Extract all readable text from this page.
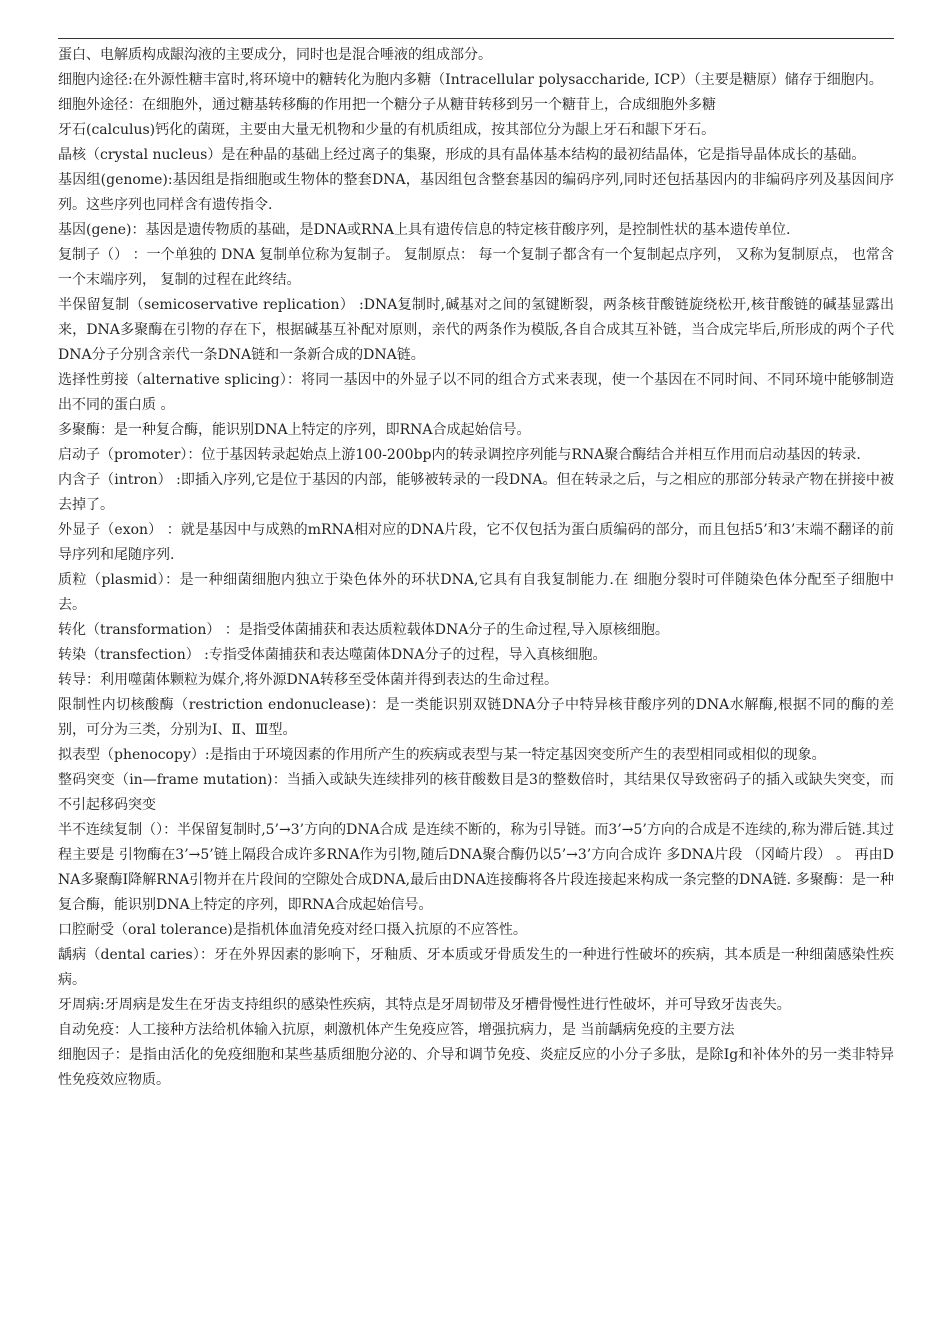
蛋白、电解质构成龈沟液的主要成分，同时也是混合唾液的组成部分。

细胞内途径:在外源性糖丰富时,将环境中的糖转化为胞内多糖（Intracellular polysaccharide, ICP）（主要是糖原）储存于细胞内。

细胞外途径：在细胞外，通过糖基转移酶的作用把一个糖分子从糖苷转移到另一个糖苷上，合成细胞外多糖

牙石(calculus)钙化的菌斑，主要由大量无机物和少量的有机质组成，按其部位分为龈上牙石和龈下牙石。

晶核（crystal nucleus）是在种晶的基础上经过离子的集聚，形成的具有晶体基本结构的最初结晶体，它是指导晶体成长的基础。

基因组(genome):基因组是指细胞或生物体的整套DNA，基因组包含整套基因的编码序列,同时还包括基因内的非编码序列及基因间序列。这些序列也同样含有遗传指令.

基因(gene)：基因是遗传物质的基础，是DNA或RNA上具有遗传信息的特定核苷酸序列，是控制性状的基本遗传单位.

复制子（） ：一个单独的 DNA 复制单位称为复制子。 复制原点： 每一个复制子都含有一个复制起点序列， 又称为复制原点， 也常含一个末端序列， 复制的过程在此终结。

半保留复制（semicoservative replication） :DNA复制时,碱基对之间的氢键断裂，两条核苷酸链旋绕松开,核苷酸链的碱基显露出来，DNA多聚酶在引物的存在下，根据碱基互补配对原则，亲代的两条作为模版,各自合成其互补链，当合成完毕后,所形成的两个子代DNA分子分别含亲代一条DNA链和一条新合成的DNA链。

选择性剪接（alternative splicing）：将同一基因中的外显子以不同的组合方式来表现，使一个基因在不同时间、不同环境中能够制造出不同的蛋白质 。

多聚酶：是一种复合酶，能识别DNA上特定的序列，即RNA合成起始信号。

启动子（promoter）：位于基因转录起始点上游100-200bp内的转录调控序列能与RNA聚合酶结合并相互作用而启动基因的转录.

内含子（intron） :即插入序列,它是位于基因的内部，能够被转录的一段DNA。但在转录之后，与之相应的那部分转录产物在拼接中被去掉了。

外显子（exon） ：就是基因中与成熟的mRNA相对应的DNA片段，它不仅包括为蛋白质编码的部分，而且包括5’和3’末端不翻译的前导序列和尾随序列.

质粒（plasmid）：是一种细菌细胞内独立于染色体外的环状DNA,它具有自我复制能力.在 细胞分裂时可伴随染色体分配至子细胞中去。

转化（transformation） ：是指受体菌捕获和表达质粒载体DNA分子的生命过程,导入原核细胞。

转染（transfection） :专指受体菌捕获和表达噬菌体DNA分子的过程，导入真核细胞。

转导：利用噬菌体颗粒为媒介,将外源DNA转移至受体菌并得到表达的生命过程。

限制性内切核酸酶（restriction endonuclease)：是一类能识别双链DNA分子中特异核苷酸序列的DNA水解酶,根据不同的酶的差别，可分为三类，分别为Ⅰ、Ⅱ、Ⅲ型。

拟表型（phenocopy）:是指由于环境因素的作用所产生的疾病或表型与某一特定基因突变所产生的表型相同或相似的现象。

整码突变（in—frame mutation)：当插入或缺失连续排列的核苷酸数目是3的整数倍时，其结果仅导致密码子的插入或缺失突变，而不引起移码突变

半不连续复制（）：半保留复制时,5’→3’方向的DNA合成 是连续不断的，称为引导链。而3’→5’方向的合成是不连续的,称为滞后链.其过程主要是 引物酶在3’→5’链上隔段合成许多RNA作为引物,随后DNA聚合酶仍以5’→3’方向合成许 多DNA片段 （冈崎片段） 。 再由DNA多聚酶Ⅰ降解RNA引物并在片段间的空隙处合成DNA,最后由DNA连接酶将各片段连接起来构成一条完整的DNA链. 多聚酶：是一种复合酶，能识别DNA上特定的序列，即RNA合成起始信号。

口腔耐受（oral tolerance)是指机体血清免疫对经口摄入抗原的不应答性。

龋病（dental caries）：牙在外界因素的影响下，牙釉质、牙本质或牙骨质发生的一种进行性破坏的疾病，其本质是一种细菌感染性疾病。

牙周病:牙周病是发生在牙齿支持组织的感染性疾病，其特点是牙周韧带及牙槽骨慢性进行性破坏，并可导致牙齿丧失。

自动免疫：人工接种方法给机体输入抗原，刺激机体产生免疫应答，增强抗病力，是 当前龋病免疫的主要方法

细胞因子：是指由活化的免疫细胞和某些基质细胞分泌的、介导和调节免疫、炎症反应的小分子多肽，是除Ig和补体外的另一类非特异性免疫效应物质。
